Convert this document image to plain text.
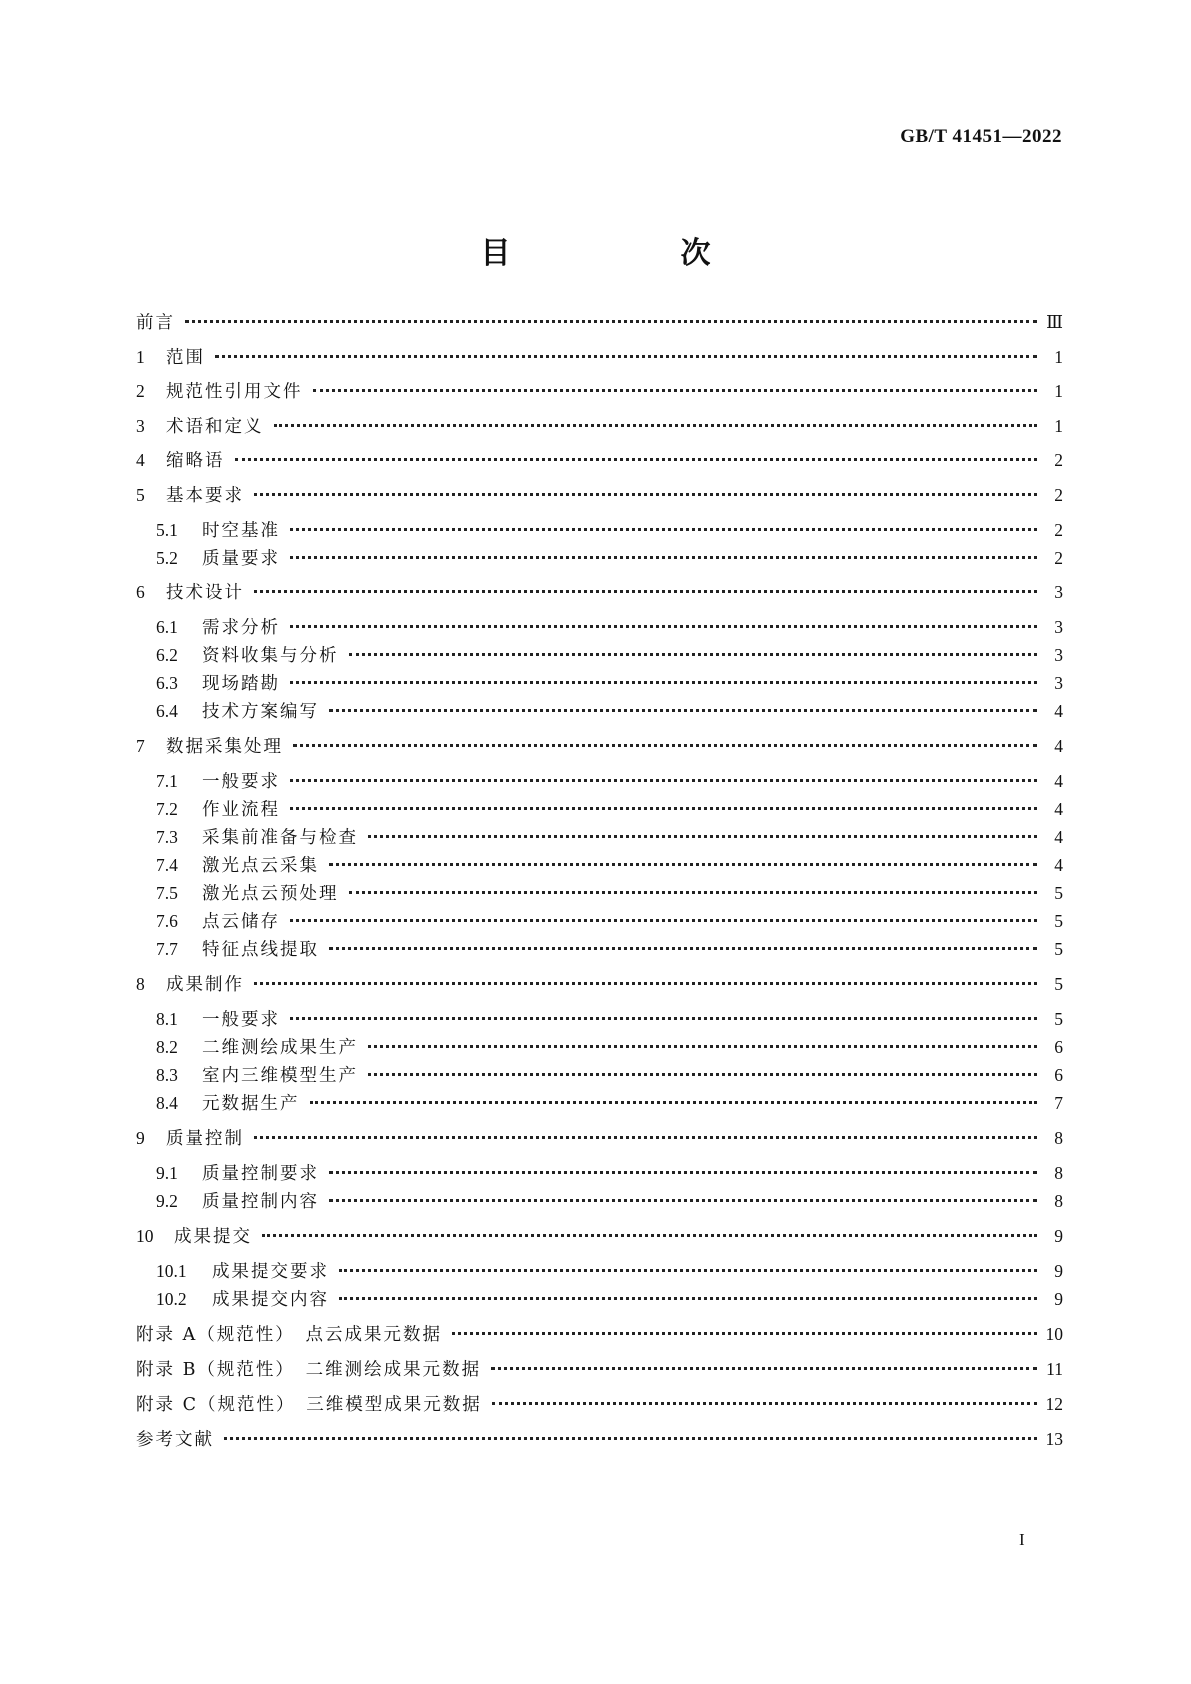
GB/T 41451—2022
目　次
前言	Ⅲ
1	范围	1
2	规范性引用文件	1
3	术语和定义	1
4	缩略语	2
5	基本要求	2
5.1	时空基准	2
5.2	质量要求	2
6	技术设计	3
6.1	需求分析	3
6.2	资料收集与分析	3
6.3	现场踏勘	3
6.4	技术方案编写	4
7	数据采集处理	4
7.1	一般要求	4
7.2	作业流程	4
7.3	采集前准备与检查	4
7.4	激光点云采集	4
7.5	激光点云预处理	5
7.6	点云储存	5
7.7	特征点线提取	5
8	成果制作	5
8.1	一般要求	5
8.2	二维测绘成果生产	6
8.3	室内三维模型生产	6
8.4	元数据生产	7
9	质量控制	8
9.1	质量控制要求	8
9.2	质量控制内容	8
10	成果提交	9
10.1	成果提交要求	9
10.2	成果提交内容	9
附录 A（规范性）　点云成果元数据	10
附录 B（规范性）　二维测绘成果元数据	11
附录 C（规范性）　三维模型成果元数据	12
参考文献	13
I
